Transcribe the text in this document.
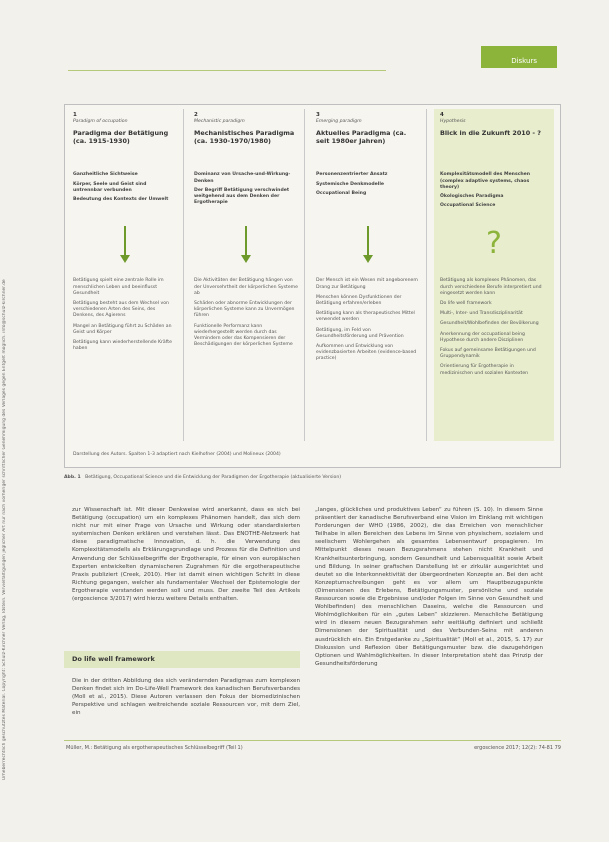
Urheberrechtlich geschütztes Material. Copyright: Schulz-Kirchner Verlag, Idstein. Vervielfältigungen jeglicher Art nur nach vorheriger schriftlicher Genehmigung des Verlages gegen Entgelt möglich. info@schulz-kirchner.de
Diskurs
1
Paradigm of occupation
Paradigma der Betätigung (ca. 1915-1930)
Ganzheitliche Sichtweise
Körper, Seele und Geist sind untrennbar verbunden
Bedeutung des Kontexts der Umwelt
Betätigung spielt eine zentrale Rolle im menschlichen Leben und beeinflusst Gesundheit
Betätigung besteht aus dem Wechsel von verschiedenen Arten des Seins, des Denkens, des Agierens
Mangel an Betätigung führt zu Schäden an Geist und Körper
Betätigung kann wiederherstellende Kräfte haben
2
Mechanistic paradigm
Mechanistisches Paradigma (ca. 1930-1970/1980)
Dominanz von Ursache-und-Wirkung-Denken
Der Begriff Betätigung verschwindet weitgehend aus dem Denken der Ergotherapie
Die Aktivitäten der Betätigung hängen von der Unversehrtheit der körperlichen Systeme ab
Schäden oder abnorme Entwicklungen der körperlichen Systeme kann zu Unvermögen führen
Funktionelle Performanz kann wiederhergestellt werden durch das Vermindern oder das Kompensieren der Beschädigungen der körperlichen Systeme
3
Emerging paradigm
Aktuelles Paradigma (ca. seit 1980er Jahren)
Personenzentrierter Ansatz
Systemische Denkmodelle
Occupational Being
Der Mensch ist ein Wesen mit angeborenem Drang zur Betätigung
Menschen können Dysfunktionen der Betätigung erfahren/erleben
Betätigung kann als therapeutisches Mittel verwendet werden
Betätigung, im Feld von Gesundheitsförderung und Prävention
Aufkommen und Entwicklung von evidenzbasierten Arbeiten (evidence-based practice)
4
Hypothesis
Blick in die Zukunft 2010 - ?
Komplexitätsmodell des Menschen (complex adaptive systems, chaos theory)
Ökologisches Paradigma
Occupational Science
?
Betätigung als komplexes Phänomen, das durch verschiedene Berufe interpretiert und eingesetzt werden kann
Do life well framework
Multi-, Inter- und Transdisziplinarität
Gesundheit/Wohlbefinden der Bevölkerung
Anerkennung der occupational being Hypothese durch andere Disziplinen
Fokus auf gemeinsame Betätigungen und Gruppendynamik
Orientierung für Ergotherapie in medizinischen und sozialen Kontexten
Darstellung des Autors. Spalten 1-3 adaptiert nach Kielhofner (2004) und Molineux (2004)
Abb. 1 Betätigung, Occupational Science und die Entwicklung der Paradigmen der Ergotherapie (aktualisierte Version)

zur Wissenschaft ist. Mit dieser Denkweise wird anerkannt, dass es sich bei Betätigung (occupation) um ein komplexes Phänomen handelt, das sich dem nicht nur mit einer Frage von Ursache und Wirkung oder standardisierten systemischen Denken erklären und verstehen lässt. Das ENOTHE-Netzwerk hat diese paradigmatische Innovation, d. h. die Verwendung des Komplexitätsmodells als Erklärungsgrundlage und Prozess für die Definition und Anwendung der Schlüsselbegriffe der Ergotherapie, für einen von europäischen Experten entwickelten dynamischeren Zugrahmen für die ergotherapeutische Praxis publiziert (Creek, 2010). Hier ist damit einen wichtigen Schritt in diese Richtung gegangen, welcher als fundamentaler Wechsel der Epistemologie der Ergotherapie verstanden werden soll und muss. Der zweite Teil des Artikels (ergoscience 3/2017) wird hierzu weitere Details enthalten.

Do life well framework

Die in der dritten Abbildung des sich verändernden Paradigmas zum komplexen Denken findet sich im Do-Life-Well Framework des kanadischen Berufsverbandes (Moll et al., 2015). Diese Autoren verlassen den Fokus der biomedizinischen Perspektive und schlagen weitreichende soziale Ressourcen vor, mit dem Ziel, ein

„langes, glückliches und produktives Leben“ zu führen (S. 10). In diesem Sinne präsentiert der kanadische Berufsverband eine Vision im Einklang mit wichtigen Forderungen der WHO (1986, 2002), die das Erreichen von menschlicher Teilhabe in allen Bereichen des Lebens im Sinne von physischem, sozialem und seelischem Wohlergehen als gesamtes Lebensentwurf propagieren. Im Mittelpunkt dieses neuen Bezugsrahmens stehen nicht Krankheit und Krankheitsunterbringung, sondern Gesundheit und Lebensqualität sowie Arbeit und Bildung. In seiner grafischen Darstellung ist er zirkulär ausgerichtet und deutet so die Interkonnektivität der übergeordneten Konzepte an. Bei den acht Konzeptumschreibungen geht es vor allem um Hauptbezugspunkte (Dimensionen des Erlebens, Betätigungsmuster, persönliche und soziale Ressourcen sowie die Ergebnisse und/oder Folgen im Sinne von Gesundheit und Wohlbefinden) des menschlichen Daseins, welche die Ressourcen und Wohlmöglichkeiten für ein „gutes Leben“ skizzieren. Menschliche Betätigung wird in diesem neuen Bezugsrahmen sehr weitläufig definiert und schließt Dimensionen der Spiritualität und des Verbunden-Seins mit anderen ausdrücklich ein. Ein Erstgedanke zu „Spiritualität“ (Moll et al., 2015, S. 17) zur Diskussion und Reflexion über Betätigungsmuster bzw. die dazugehörigen Optionen und Wahlmöglichkeiten. In dieser Interpretation steht das Prinzip der Gesundheitsförderung

Müller, M.: Betätigung als ergotherapeutisches Schlüsselbegriff (Teil 1)	ergoscience 2017; 12(2): 74-81 79
